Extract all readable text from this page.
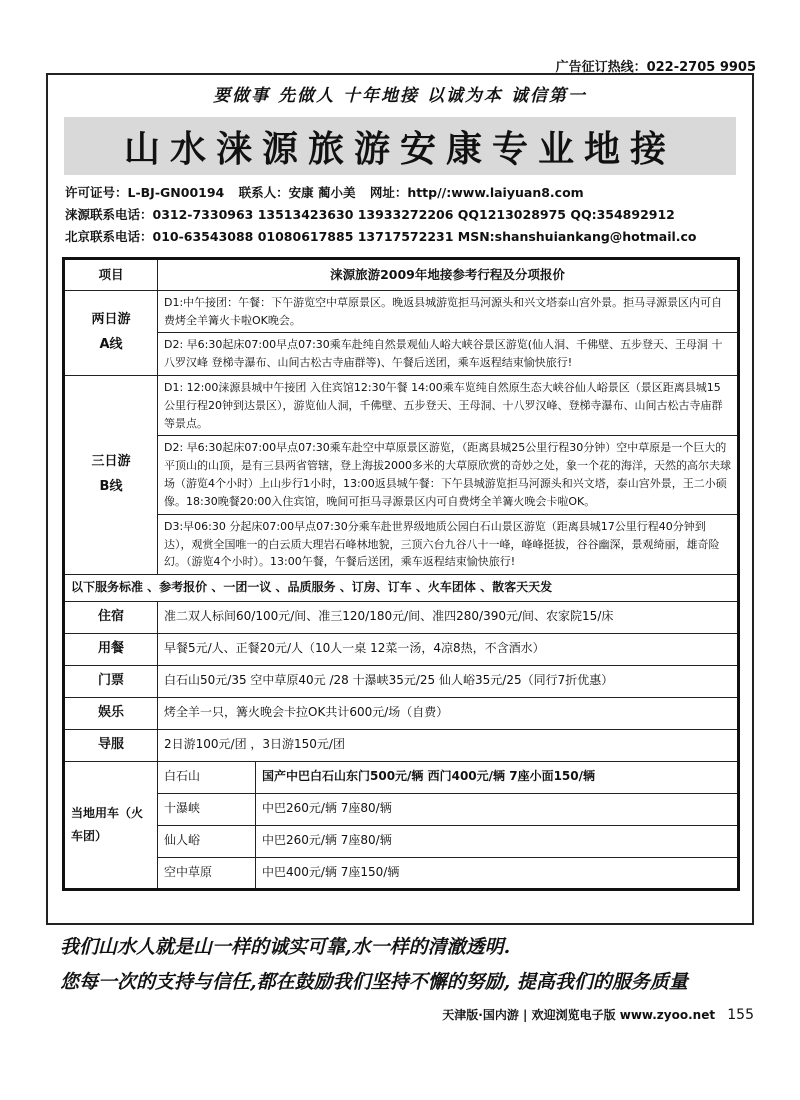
广告征订热线：022-2705 9905
要做事 先做人 十年地接 以诚为本 诚信第一
山水涞源旅游安康专业地接
许可证号：L-BJ-GN00194 联系人：安康 蔺小美 网址：http//:www.laiyuan8.com
涞源联系电话：0312-7330963 13513423630 13933272206 QQ1213028975 QQ:354892912
北京联系电话：010-63543088 01080617885 13717572231 MSN:shanshuiankang@hotmail.co
项目	涞源旅游2009年地接参考行程及分项报价	
两日游
A线	D1:中午接团：午餐：下午游览空中草原景区。晚返县城游览拒马河源头和兴文塔泰山宫外景。拒马寻源景区内可自费烤全羊篝火卡啦OK晚会。	
	D2: 早6:30起床07:00早点07:30乘车赴纯自然景观仙人峪大峡谷景区游览(仙人洞、千佛壁、五步登天、王母洞 十八罗汉峰 登梯寺瀑布、山间古松古寺庙群等)、午餐后送团，乘车返程结束愉快旅行!	
三日游
B线	D1: 12:00涞源县城中午接团 入住宾馆12:30午餐 14:00乘车览纯自然原生态大峡谷仙人峪景区（景区距离县城15公里行程20钟到达景区），游览仙人洞，千佛壁、五步登天、王母洞、十八罗汉峰、登梯寺瀑布、山间古松古寺庙群等景点。	
	D2: 早6:30起床07:00早点07:30乘车赴空中草原景区游览，（距离县城25公里行程30分钟）空中草原是一个巨大的平顶山的山顶，是有三县两省管辖，登上海拔2000多米的大草原欣赏的奇妙之处，象一个花的海洋，天然的高尔夫球场（游览4个小时）上山步行1小时，13:00返县城午餐：下午县城游览拒马河源头和兴文塔，泰山宫外景，王二小硕像。18:30晚餐20:00入住宾馆，晚间可拒马寻源景区内可自费烤全羊篝火晚会卡啦OK。	
	D3:早06:30 分起床07:00早点07:30分乘车赴世界级地质公园白石山景区游览（距离县城17公里行程40分钟到达），观赏全国唯一的白云质大理岩石峰林地貌，三顶六台九谷八十一峰，峰峰挺拔，谷谷幽深，景观绮丽，雄奇险幻。（游览4个小时）。13:00午餐，午餐后送团，乘车返程结束愉快旅行!	
以下服务标准 、参考报价 、一团一议 、品质服务 、订房、订车 、火车团体 、散客天天发		
住宿	准二双人标间60/100元/间、准三120/180元/间、准四280/390元/间、农家院15/床	
用餐	早餐5元/人、正餐20元/人（10人一桌 12菜一汤，4凉8热，不含酒水）	
门票	白石山50元/35 空中草原40元 /28 十瀑峡35元/25 仙人峪35元/25（同行7折优惠）	
娱乐	烤全羊一只，篝火晚会卡拉OK共计600元/场（自费）	
导服	2日游100元/团 ，3日游150元/团	
当地用车（火车团）	白石山	国产中巴白石山东门500元/辆 西门400元/辆 7座小面150/辆
	十瀑峡	中巴260元/辆 7座80/辆
	仙人峪	中巴260元/辆 7座80/辆
	空中草原	中巴400元/辆 7座150/辆
我们山水人就是山一样的诚实可靠,水一样的清澈透明.
您每一次的支持与信任,都在鼓励我们坚持不懈的努励, 提高我们的服务质量
天津版·国内游 | 欢迎浏览电子版 www.zyoo.net 155
